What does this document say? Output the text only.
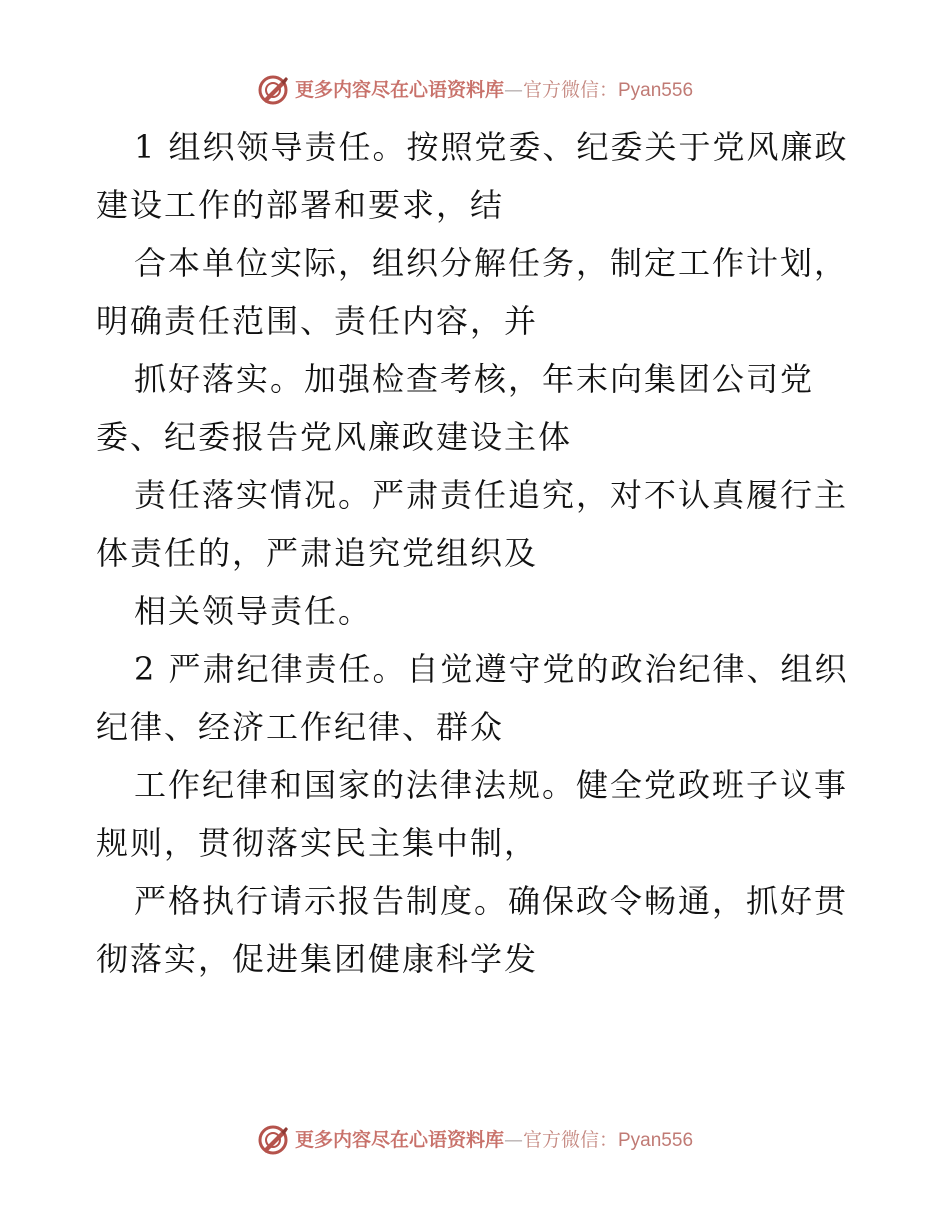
更多内容尽在心语资料库—官方微信：Pyan556
1 组织领导责任。按照党委、纪委关于党风廉政
建设工作的部署和要求，结
合本单位实际，组织分解任务，制定工作计划，
明确责任范围、责任内容，并
抓好落实。加强检查考核，年末向集团公司党
委、纪委报告党风廉政建设主体
责任落实情况。严肃责任追究，对不认真履行主
体责任的，严肃追究党组织及
相关领导责任。
2 严肃纪律责任。自觉遵守党的政治纪律、组织
纪律、经济工作纪律、群众
工作纪律和国家的法律法规。健全党政班子议事
规则，贯彻落实民主集中制，
严格执行请示报告制度。确保政令畅通，抓好贯
彻落实，促进集团健康科学发
更多内容尽在心语资料库—官方微信：Pyan556
